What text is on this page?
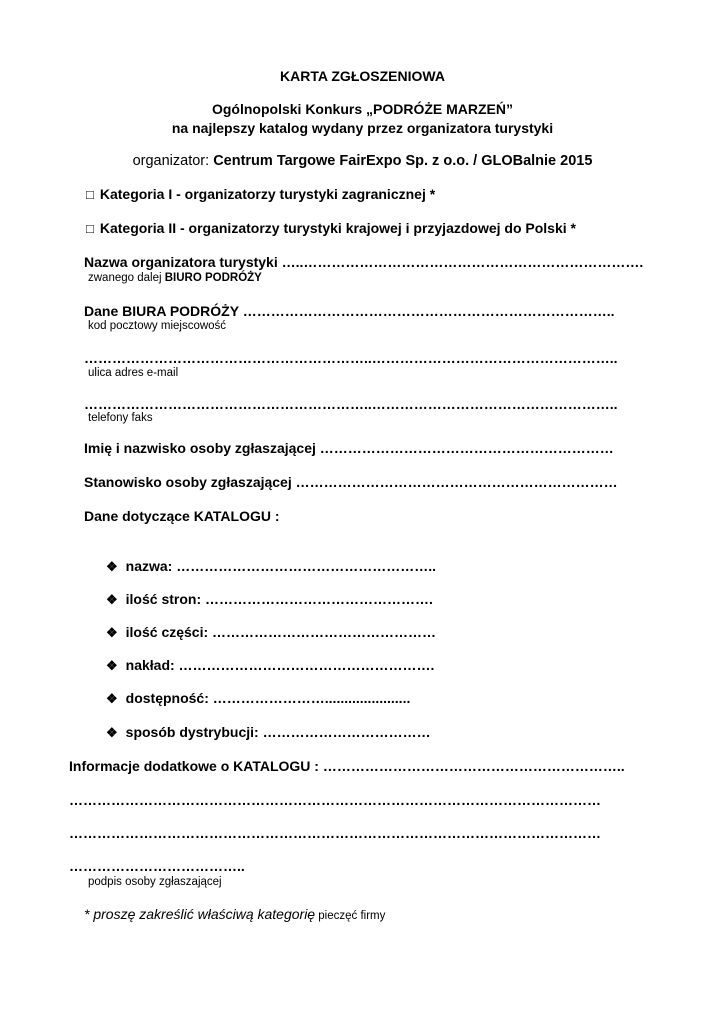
KARTA ZGŁOSZENIOWA
Ogólnopolski Konkurs „PODRÓŻE MARZEŃ”
na najlepszy katalog wydany przez organizatora turystyki
organizator: Centrum Targowe FairExpo Sp. z o.o. / GLOBalnie 2015
□ Kategoria I - organizatorzy turystyki zagranicznej *
□ Kategoria II - organizatorzy turystyki krajowej i przyjazdowej do Polski *
Nazwa organizatora turystyki …..……………………………………………………………….
zwanego dalej BIURO PODRÓŻY
Dane BIURA PODRÓŻY ……………………………………………………………………..
kod pocztowy miejscowość
……………………………………………………..……………………………………………..
ulica adres e-mail
……………………………………………………..……………………………………………..
telefony faks
Imię i nazwisko osoby zgłaszającej ………………………………………………………
Stanowisko osoby zgłaszającej ……………………………………………………………
Dane dotyczące KATALOGU :
❖ nazwa: ………………………………………………..
❖ ilość stron: ………………………………………….
❖ ilość części: …………………………………………
❖ nakład: ……………………………………………….
❖ dostępność: ……………………......................
❖ sposób dystrybucji: ………………………………
Informacje dodatkowe o KATALOGU : ………………………………………………………..
……………………………………………………………………………………………………
……………………………………………………………………………………………………
………………………………..
podpis osoby zgłaszającej
* proszę zakreślić właściwą kategorię pieczęć firmy
